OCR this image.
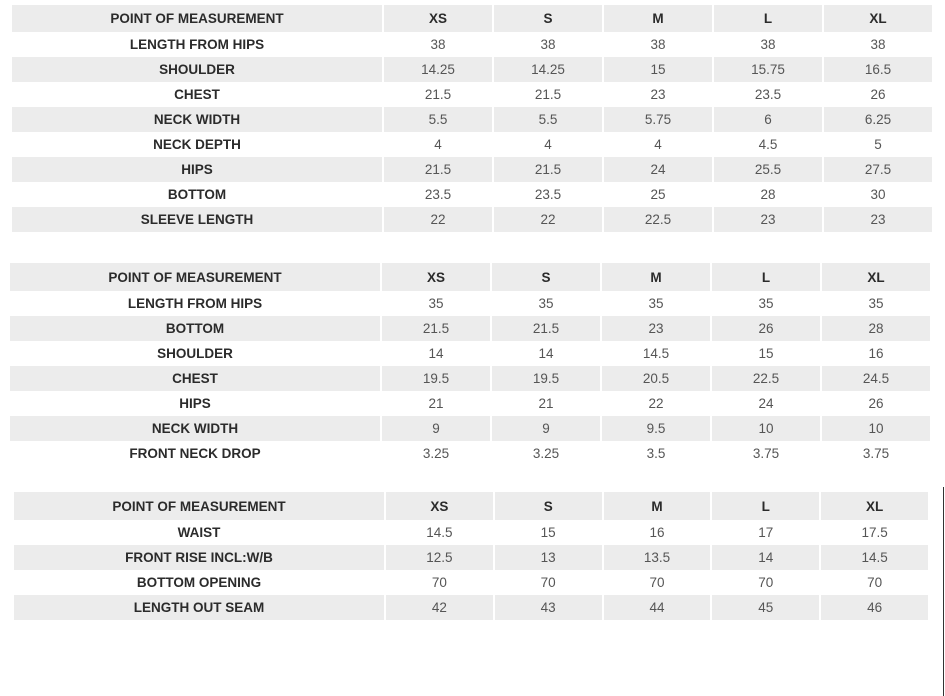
POINT OF MEASUREMENT	XS	S	M	L	XL
LENGTH FROM HIPS	38	38	38	38	38
SHOULDER	14.25	14.25	15	15.75	16.5
CHEST	21.5	21.5	23	23.5	26
NECK WIDTH	5.5	5.5	5.75	6	6.25
NECK DEPTH	4	4	4	4.5	5
HIPS	21.5	21.5	24	25.5	27.5
BOTTOM	23.5	23.5	25	28	30
SLEEVE LENGTH	22	22	22.5	23	23
POINT OF MEASUREMENT	XS	S	M	L	XL
LENGTH FROM HIPS	35	35	35	35	35
BOTTOM	21.5	21.5	23	26	28
SHOULDER	14	14	14.5	15	16
CHEST	19.5	19.5	20.5	22.5	24.5
HIPS	21	21	22	24	26
NECK WIDTH	9	9	9.5	10	10
FRONT NECK DROP	3.25	3.25	3.5	3.75	3.75
POINT OF MEASUREMENT	XS	S	M	L	XL
WAIST	14.5	15	16	17	17.5
FRONT RISE INCL:W/B	12.5	13	13.5	14	14.5
BOTTOM OPENING	70	70	70	70	70
LENGTH OUT SEAM	42	43	44	45	46
